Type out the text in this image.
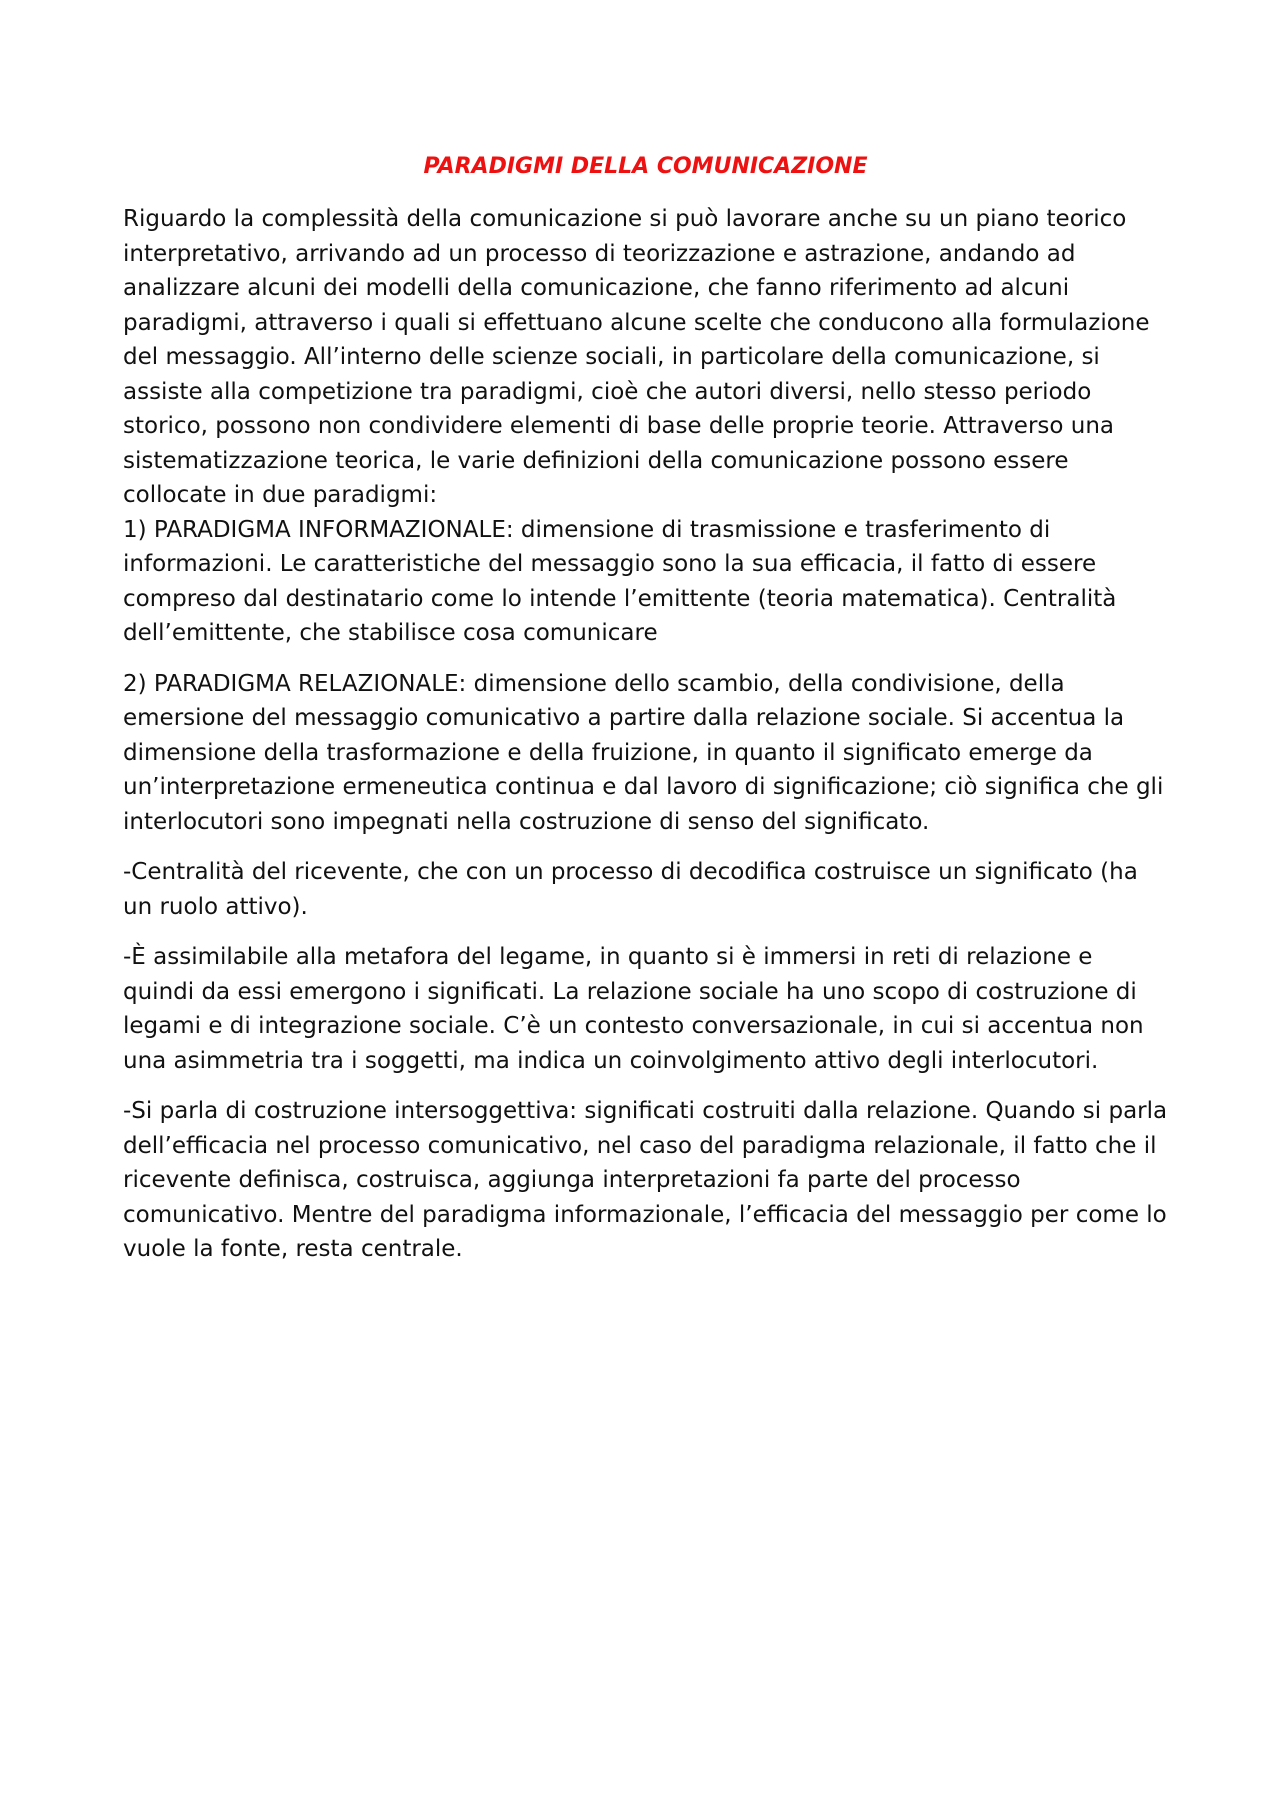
PARADIGMI DELLA COMUNICAZIONE
Riguardo la complessità della comunicazione si può lavorare anche su un piano teorico interpretativo, arrivando ad un processo di teorizzazione e astrazione, andando ad analizzare alcuni dei modelli della comunicazione, che fanno riferimento ad alcuni paradigmi, attraverso i quali si effettuano alcune scelte che conducono alla formulazione del messaggio. All’interno delle scienze sociali, in particolare della comunicazione, si assiste alla competizione tra paradigmi, cioè che autori diversi, nello stesso periodo storico, possono non condividere elementi di base delle proprie teorie. Attraverso una sistematizzazione teorica, le varie definizioni della comunicazione possono essere collocate in due paradigmi:
1) PARADIGMA INFORMAZIONALE: dimensione di trasmissione e trasferimento di informazioni. Le caratteristiche del messaggio sono la sua efficacia, il fatto di essere compreso dal destinatario come lo intende l’emittente (teoria matematica). Centralità dell’emittente, che stabilisce cosa comunicare
2) PARADIGMA RELAZIONALE: dimensione dello scambio, della condivisione, della emersione del messaggio comunicativo a partire dalla relazione sociale. Si accentua la dimensione della trasformazione e della fruizione, in quanto il significato emerge da un’interpretazione ermeneutica continua e dal lavoro di significazione; ciò significa che gli interlocutori sono impegnati nella costruzione di senso del significato.
-Centralità del ricevente, che con un processo di decodifica costruisce un significato (ha un ruolo attivo).
-È assimilabile alla metafora del legame, in quanto si è immersi in reti di relazione e quindi da essi emergono i significati. La relazione sociale ha uno scopo di costruzione di legami e di integrazione sociale. C’è un contesto conversazionale, in cui si accentua non una asimmetria tra i soggetti, ma indica un coinvolgimento attivo degli interlocutori.
-Si parla di costruzione intersoggettiva: significati costruiti dalla relazione. Quando si parla dell’efficacia nel processo comunicativo, nel caso del paradigma relazionale, il fatto che il ricevente definisca, costruisca, aggiunga interpretazioni fa parte del processo comunicativo. Mentre del paradigma informazionale, l’efficacia del messaggio per come lo vuole la fonte, resta centrale.
